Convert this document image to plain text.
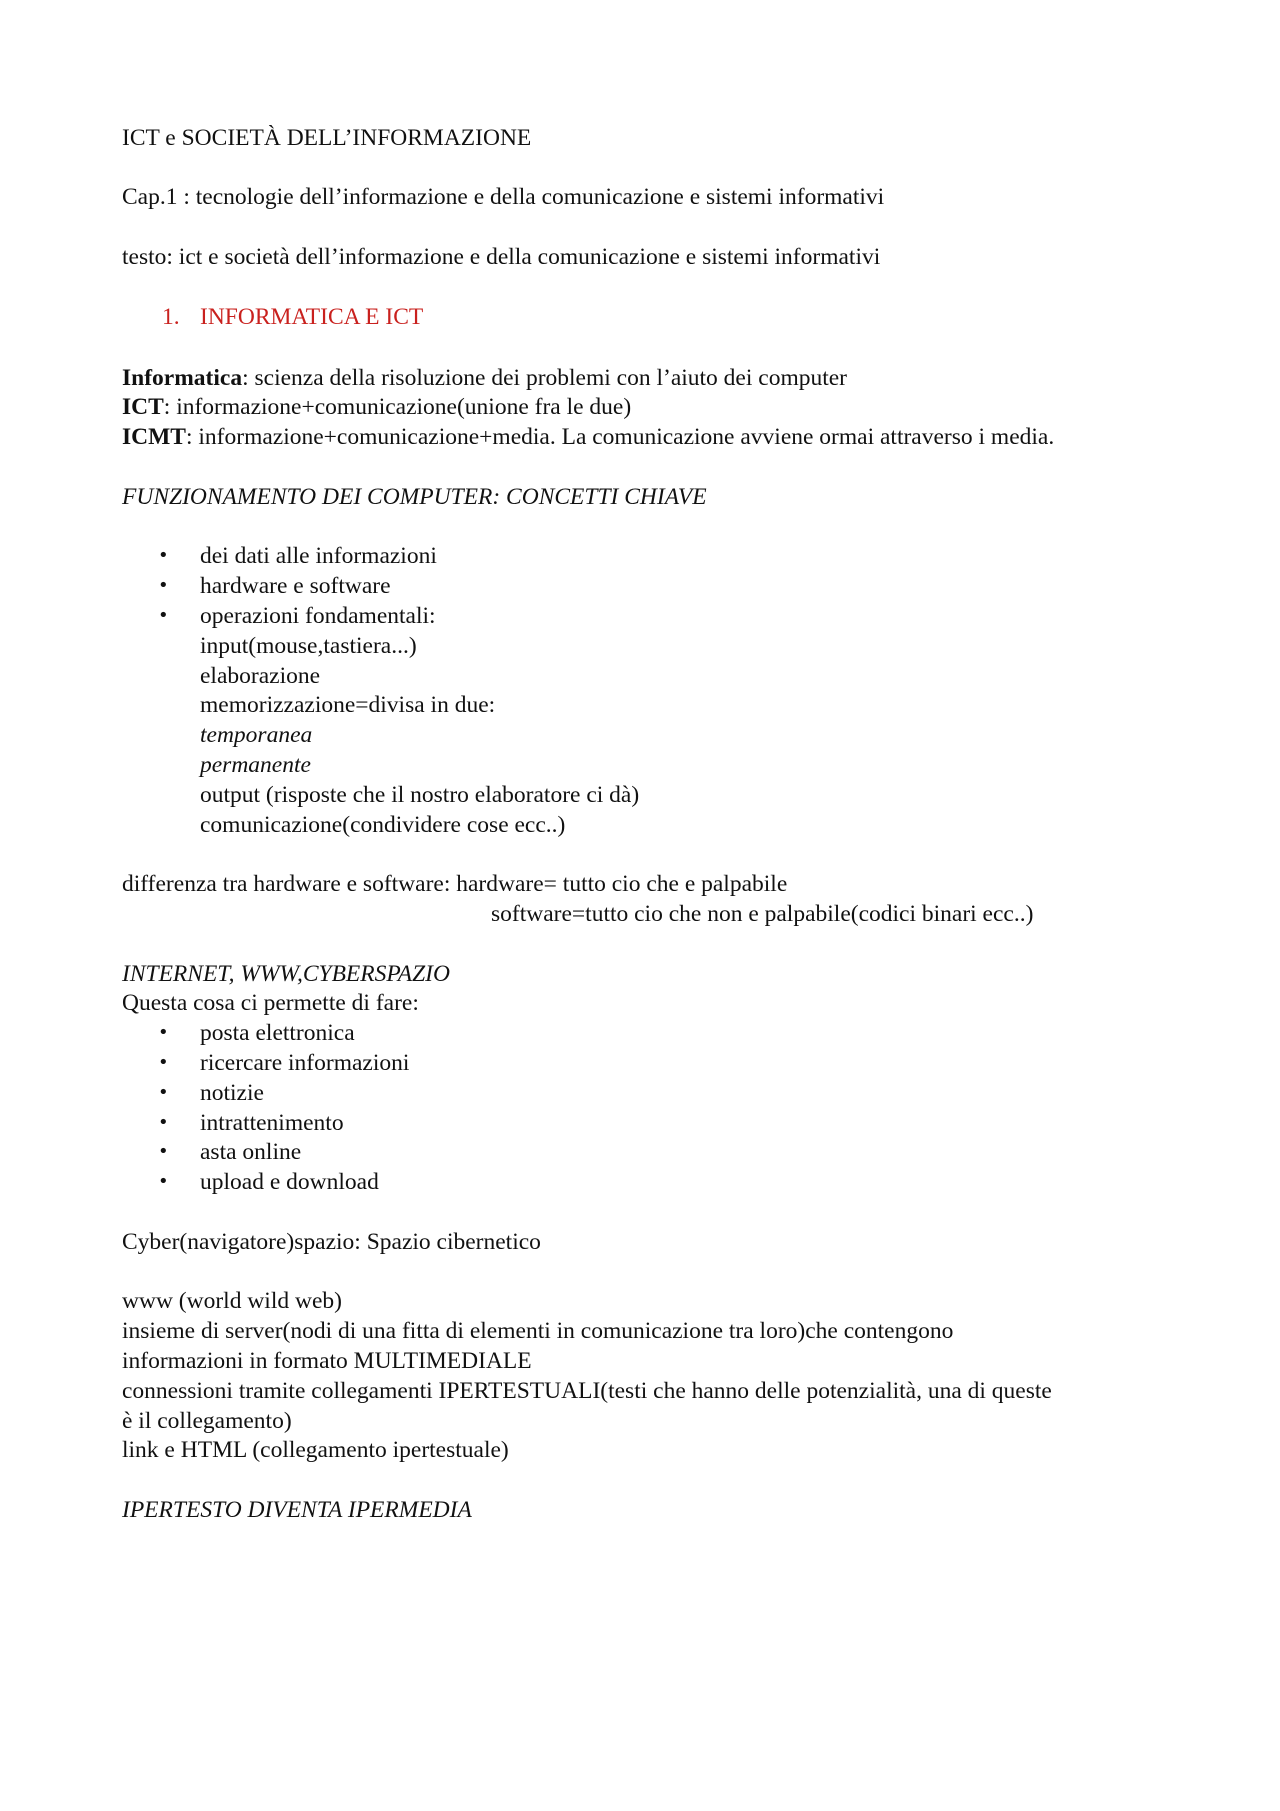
ICT e SOCIETÀ DELL’INFORMAZIONE
Cap.1 : tecnologie dell’informazione e della comunicazione e sistemi informativi
testo: ict e società dell’informazione e della comunicazione e sistemi informativi
1. INFORMATICA E ICT
Informatica: scienza della risoluzione dei problemi con l’aiuto dei computer
ICT: informazione+comunicazione(unione fra le due)
ICMT: informazione+comunicazione+media. La comunicazione avviene ormai attraverso i media.
FUNZIONAMENTO DEI COMPUTER: CONCETTI CHIAVE
• dei dati alle informazioni
• hardware e software
• operazioni fondamentali:
input(mouse,tastiera...)
elaborazione
memorizzazione=divisa in due:
temporanea
permanente
output (risposte che il nostro elaboratore ci dà)
comunicazione(condividere cose ecc..)
differenza tra hardware e software: hardware= tutto cio che e palpabile
software=tutto cio che non e palpabile(codici binari ecc..)
INTERNET, WWW,CYBERSPAZIO
Questa cosa ci permette di fare:
• posta elettronica
• ricercare informazioni
• notizie
• intrattenimento
• asta online
• upload e download
Cyber(navigatore)spazio: Spazio cibernetico
www (world wild web)
insieme di server(nodi di una fitta di elementi in comunicazione tra loro)che contengono
informazioni in formato MULTIMEDIALE
connessioni tramite collegamenti IPERTESTUALI(testi che hanno delle potenzialità, una di queste
è il collegamento)
link e HTML (collegamento ipertestuale)
IPERTESTO DIVENTA IPERMEDIA
